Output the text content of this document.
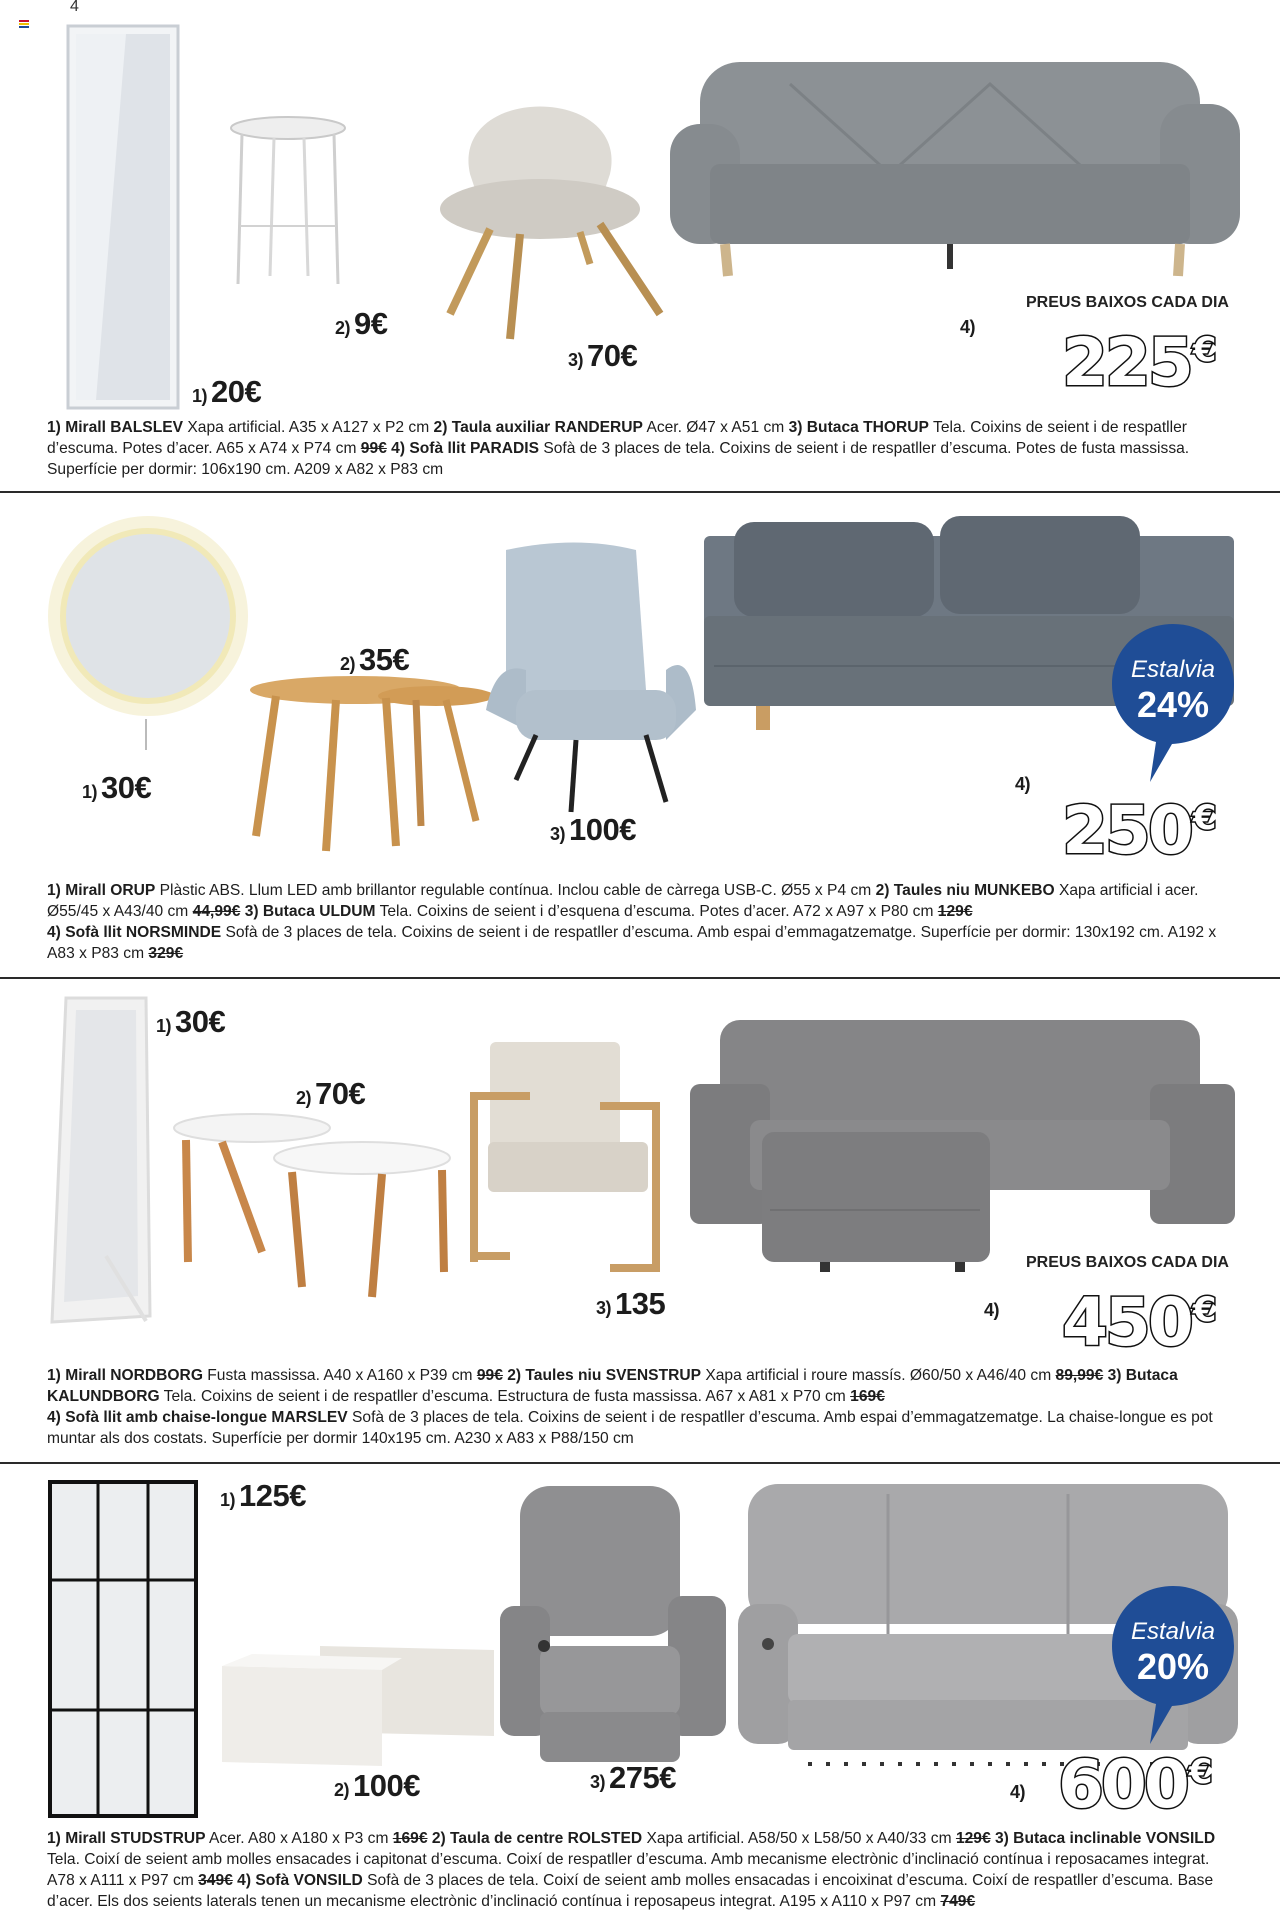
4
1) 20€
2) 9€
3) 70€
4)
PREUS BAIXOS CADA DIA
225€
1) Mirall BALSLEV Xapa artificial. A35 x A127 x P2 cm 2) Taula auxiliar RANDERUP Acer. Ø47 x A51 cm 3) Butaca THORUP Tela. Coixins de seient i de respatller d’escuma. Potes d’acer. A65 x A74 x P74 cm 99€ 4) Sofà llit PARADIS Sofà de 3 places de tela. Coixins de seient i de respatller d’escuma. Potes de fusta massissa. Superfície per dormir: 106x190 cm. A209 x A82 x P83 cm
Estalvia
24%
1) 30€
2) 35€
3) 100€
4)
250€
1) Mirall ORUP Plàstic ABS. Llum LED amb brillantor regulable contínua. Inclou cable de càrrega USB-C. Ø55 x P4 cm 2) Taules niu MUNKEBO Xapa artificial i acer. Ø55/45 x A43/40 cm 44,99€ 3) Butaca ULDUM Tela. Coixins de seient i d’esquena d’escuma. Potes d’acer. A72 x A97 x P80 cm 129€
4) Sofà llit NORSMINDE Sofà de 3 places de tela. Coixins de seient i de respatller d’escuma. Amb espai d’emmagatzematge. Superfície per dormir: 130x192 cm. A192 x A83 x P83 cm 329€
1) 30€
2) 70€
3) 135	4)
PREUS BAIXOS CADA DIA
450€
1) Mirall NORDBORG Fusta massissa. A40 x A160 x P39 cm 99€ 2) Taules niu SVENSTRUP Xapa artificial i roure massís. Ø60/50 x A46/40 cm 89,99€ 3) Butaca KALUNDBORG Tela. Coixins de seient i de respatller d’escuma. Estructura de fusta massissa. A67 x A81 x P70 cm 169€
4) Sofà llit amb chaise-longue MARSLEV Sofà de 3 places de tela. Coixins de seient i de respatller d’escuma. Amb espai d’emmagatzematge. La chaise-longue es pot muntar als dos costats. Superfície per dormir 140x195 cm. A230 x A83 x P88/150 cm
Estalvia
20%
1) 125€
2) 100€	3) 275€	4) 600€
1) Mirall STUDSTRUP Acer. A80 x A180 x P3 cm 169€ 2) Taula de centre ROLSTED Xapa artificial. A58/50 x L58/50 x A40/33 cm 129€ 3) Butaca inclinable VONSILD Tela. Coixí de seient amb molles ensacades i capitonat d’escuma. Coixí de respatller d’escuma. Amb mecanisme electrònic d’inclinació contínua i reposacames integrat. A78 x A111 x P97 cm 349€ 4) Sofà VONSILD Sofà de 3 places de tela. Coixí de seient amb molles ensacadas i encoixinat d’escuma. Coixí de respatller d’escuma. Base d’acer. Els dos seients laterals tenen un mecanisme electrònic d’inclinació contínua i reposapeus integrat. A195 x A110 x P97 cm 749€
